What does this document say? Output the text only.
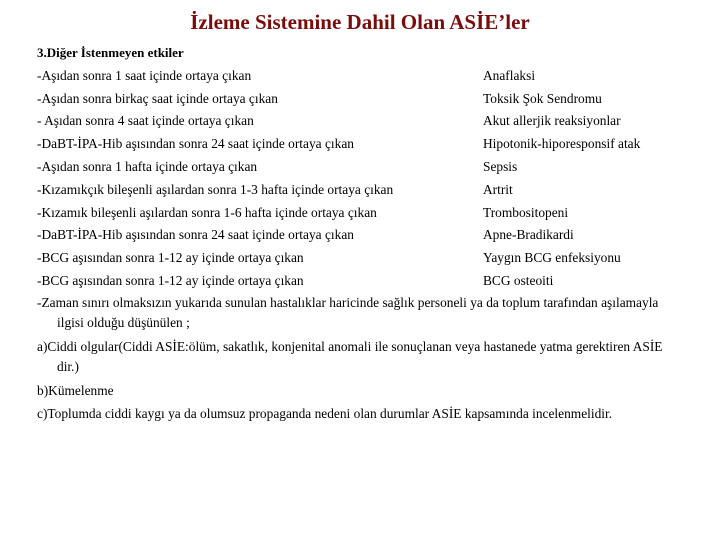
İzleme Sistemine Dahil Olan ASİE’ler
3.Diğer İstenmeyen etkiler
-Aşıdan sonra 1 saat içinde ortaya çıkan	Anaflaksi
-Aşıdan sonra birkaç saat içinde ortaya çıkan	Toksik Şok Sendromu
- Aşıdan sonra 4 saat içinde ortaya çıkan	Akut allerjik reaksiyonlar
-DaBT-İPA-Hib aşısından sonra 24 saat içinde ortaya çıkan	Hipotonik-hiporesponsif atak
-Aşıdan sonra 1 hafta içinde ortaya çıkan	Sepsis
-Kızamıkçık bileşenli aşılardan sonra 1-3 hafta içinde ortaya çıkan	Artrit
-Kızamık bileşenli aşılardan sonra 1-6 hafta içinde ortaya çıkan	Trombositopeni
-DaBT-İPA-Hib aşısından sonra 24 saat içinde ortaya çıkan	Apne-Bradikardi
-BCG aşısından sonra 1-12 ay içinde ortaya çıkan	Yaygın BCG enfeksiyonu
-BCG aşısından sonra 1-12 ay içinde ortaya çıkan	BCG osteoiti
-Zaman sınırı olmaksızın yukarıda sunulan hastalıklar haricinde sağlık personeli ya da toplum tarafından aşılamayla ilgisi olduğu düşünülen ;
a)Ciddi olgular(Ciddi ASİE:ölüm, sakatlık, konjenital anomali ile sonuçlanan veya hastanede yatma gerektiren ASİE dir.)
b)Kümelenme
c)Toplumda ciddi kaygı ya da olumsuz propaganda nedeni olan durumlar ASİE kapsamında incelenmelidir.
